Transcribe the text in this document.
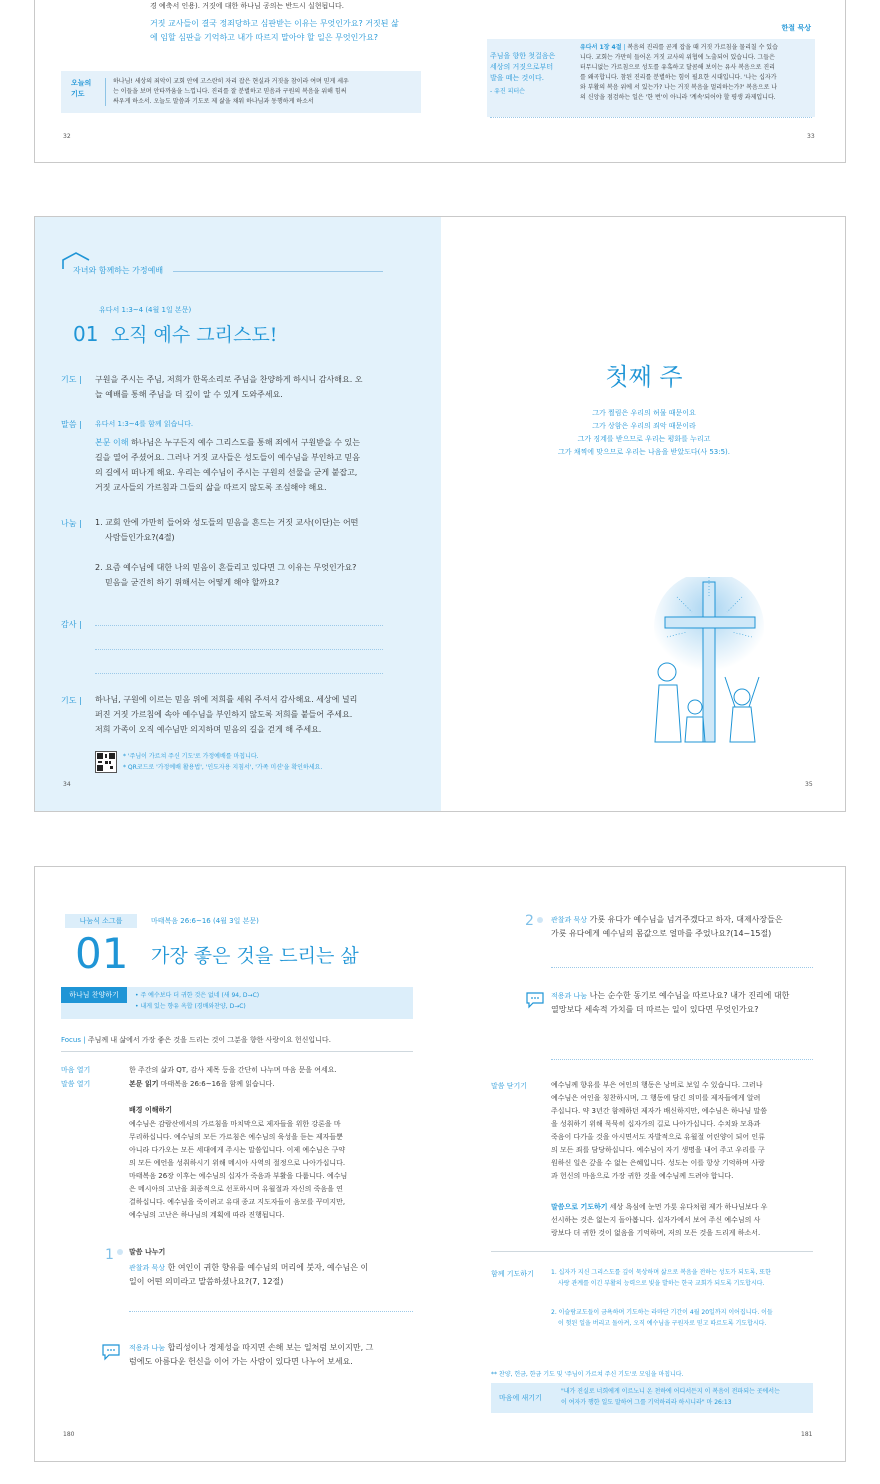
경 예축서 인용). 거짓에 대한 하나님 공의는 반드시 실현됩니다.
거짓 교사들이 결국 정죄당하고 심판받는 이유는 무엇인가요? 거짓된 삶
에 임할 심판을 기억하고 내가 따르지 말아야 할 일은 무엇인가요?
오늘의
기도
하나님! 세상의 죄악이 교회 안에 고스란히 자리 잡은 현실과 거짓을 참이라 여며 믿게 세우
는 이들을 보며 안타까움을 느낍니다. 진리를 잘 분별하고 믿음과 구원의 복음을 위해 힘써
싸우게 하소서. 오늘도 말씀과 기도로 제 삶을 채워 하나님과 동행하게 하소서
32
한절 묵상
주님을 향한 첫걸음은
세상의 거짓으로부터
발을 떼는 것이다.
- 유진 피터슨
유다서 1장 4절 | 복음의 진리를 곧게 잡을 때 거짓 가르침을 물리칠 수 있습
니다. 교회는 가만히 들어온 거짓 교사의 위협에 노출되어 있습니다. 그들은
터무니없는 가르침으로 성도를 유혹하고 달콤해 보이는 유사 복음으로 진리
를 왜곡합니다. 참된 진리를 분별하는 힘이 필요한 시대입니다. '나는 십자가
와 부활의 복음 위에 서 있는가? 나는 거짓 복음을 멀리하는가?' 복음으로 나
의 신앙을 점검하는 일은 '한 번'이 아니라 '계속'되어야 할 평생 과제입니다.
33
자녀와 함께하는 가정예배
유다서 1:3~4 (4월 1일 본문)
01 오직 예수 그리스도!
기도 | 구원을 주시는 주님, 저희가 한목소리로 주님을 찬양하게 하시니 감사해요. 오
늘 예배를 통해 주님을 더 깊이 알 수 있게 도와주세요.
말씀 | 유다서 1:3~4를 함께 읽습니다.
본문 이해 하나님은 누구든지 예수 그리스도를 통해 죄에서 구원받을 수 있는
길을 열어 주셨어요. 그러나 거짓 교사들은 성도들이 예수님을 부인하고 믿음
의 길에서 떠나게 해요. 우리는 예수님이 주시는 구원의 선물을 굳게 붙잡고,
거짓 교사들의 가르침과 그들의 삶을 따르지 않도록 조심해야 해요.
나눔 | 1. 교회 안에 가만히 들어와 성도들의 믿음을 흔드는 거짓 교사(이단)는 어떤
사람들인가요?(4절)
2. 요즘 예수님에 대한 나의 믿음이 흔들리고 있다면 그 이유는 무엇인가요?
믿음을 굳건히 하기 위해서는 어떻게 해야 할까요?
감사 |
기도 | 하나님, 구원에 이르는 믿음 위에 저희를 세워 주셔서 감사해요. 세상에 널리
퍼진 거짓 가르침에 속아 예수님을 부인하지 않도록 저희를 붙들어 주세요.
저희 가족이 오직 예수님만 의지하며 믿음의 길을 걷게 해 주세요.
* '주님이 가르쳐 주신 기도'로 가정예배를 마칩니다.
* QR코드로 '가정예배 활용법', '인도자용 지침서', '가족 미션'을 확인하세요.
34
첫째 주
그가 찔림은 우리의 허물 때문이요
그가 상함은 우리의 죄악 때문이라
그가 징계를 받으므로 우리는 평화를 누리고
그가 채찍에 맞으므로 우리는 나음을 받았도다(사 53:5).
35
나눔식 소그룹	마태복음 26:6~16 (4월 3일 본문)
01 가장 좋은 것을 드리는 삶
하나님 찬양하기	• 주 예수보다 더 귀한 것은 없네 (새 94, D→C)
• 내게 있는 향유 옥합 (경배와찬양, D→C)
Focus | 주님께 내 삶에서 가장 좋은 것을 드리는 것이 그분을 향한 사랑이요 헌신입니다.
마음 열기	한 주간의 삶과 QT, 감사 제목 등을 간단히 나누며 마음 문을 여세요.
말씀 열기	본문 읽기 마태복음 26:6~16을 함께 읽습니다.
배경 이해하기
예수님은 감람산에서의 가르침을 마치막으로 제자들을 위한 강론을 마
무리하십니다. 예수님의 모든 가르침은 예수님의 육성을 듣는 제자들뿐
아니라 다가오는 모든 세대에게 주시는 말씀입니다. 이제 예수님은 구약
의 모든 예언을 성취하시기 위해 메시아 사역의 절정으로 나아가십니다.
마태복음 26장 이후는 예수님의 십자가 죽음과 부활을 다룹니다. 예수님
은 메시아의 고난을 최종적으로 선포하시며 유월절과 자신의 죽음을 연
결하십니다. 예수님을 죽이려고 유대 종교 지도자들이 음모를 꾸미지만,
예수님의 고난은 하나님의 계획에 따라 진행됩니다.
1 말씀 나누기
관찰과 묵상 한 여인이 귀한 향유를 예수님의 머리에 붓자, 예수님은 이
일이 어떤 의미라고 말씀하셨나요?(7, 12절)
적용과 나눔 합리성이나 경제성을 따지면 손해 보는 일처럼 보이지만, 그
럼에도 아름다운 헌신을 이어 가는 사람이 있다면 나누어 보세요.
180
2 관찰과 묵상 가룟 유다가 예수님을 넘겨주겠다고 하자, 대제사장들은
가룟 유다에게 예수님의 몸값으로 얼마를 주었나요?(14~15절)
적용과 나눔 나는 순수한 동기로 예수님을 따르나요? 내가 진리에 대한
열망보다 세속적 가치를 더 따르는 일이 있다면 무엇인가요?
말씀 닫기기	예수님께 향유를 부은 여인의 행동은 낭비로 보일 수 있습니다. 그러나
예수님은 여인을 칭찬하시며, 그 행동에 담긴 의미를 제자들에게 알려
주십니다. 약 3년간 함께하던 제자가 배신하지만, 예수님은 하나님 말씀
을 성취하기 위해 묵묵히 십자가의 길로 나아가십니다. 수치와 모욕과
죽음이 다가올 것을 아시면서도 자발적으로 유월절 어린양이 되어 인류
의 모든 죄를 담당하십니다. 예수님이 자기 생명을 내어 주고 우리를 구
원하신 일은 갚을 수 없는 은혜입니다. 성도는 이를 항상 기억하며 사랑
과 헌신의 마음으로 가장 귀한 것을 예수님께 드려야 합니다.
말씀으로 기도하기 세상 욕심에 눈먼 가룟 유다처럼 제가 하나님보다 우
선시하는 것은 없는지 돌아봅니다. 십자가에서 보여 주신 예수님의 사
랑보다 더 귀한 것이 없음을 기억하며, 저의 모든 것을 드리게 하소서.
함께 기도하기	1. 십자가 지신 그리스도를 깊이 묵상하며 삶으로 복음을 전하는 성도가 되도록, 또한
사랑 관계를 이긴 부활의 능력으로 빛을 발하는 한국 교회가 되도록 기도합시다.
2. 이슬람교도들이 금욕하며 기도하는 라마단 기간이 4월 20일까지 이어집니다. 이들
이 헛된 일을 버리고 돌아켜, 오직 예수님을 구원자로 믿고 따르도록 기도합시다.
** 찬양, 헌금, 한금 기도 및 '주님이 가르쳐 주신 기도'로 모임을 마칩니다.
마음에 새기기
"내가 진실로 너희에게 이르노니 온 천하에 어디서든지 이 복음이 전파되는 곳에서는
이 여자가 행한 일도 말하여 그를 기억하리라 하시니라" 마 26:13
181
